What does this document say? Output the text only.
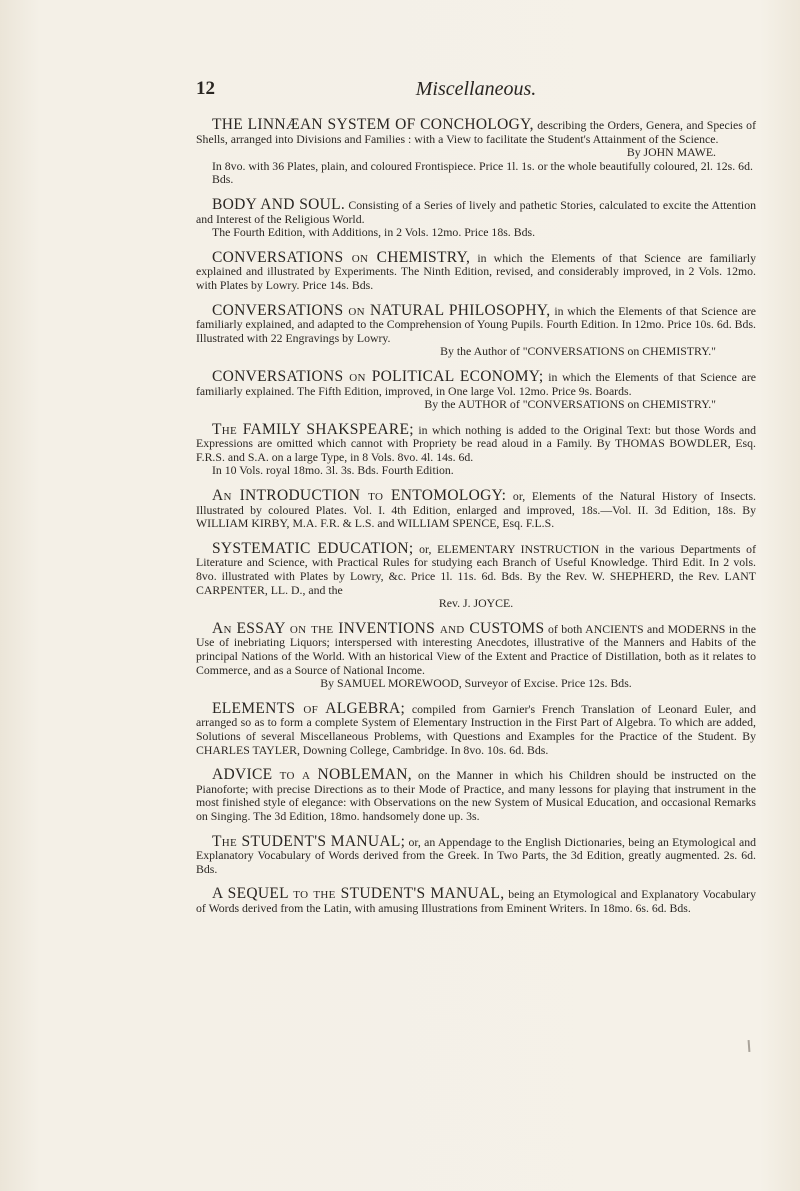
12	Miscellaneous.

THE LINNÆAN SYSTEM OF CONCHOLOGY, describing the Orders, Genera, and Species of Shells, arranged into Divisions and Families : with a View to facilitate the Student's Attainment of the Science.

By JOHN MAWE.

In 8vo. with 36 Plates, plain, and coloured Frontispiece. Price 1l. 1s. or the whole beautifully coloured, 2l. 12s. 6d. Bds.

BODY AND SOUL. Consisting of a Series of lively and pathetic Stories, calculated to excite the Attention and Interest of the Religious World.

The Fourth Edition, with Additions, in 2 Vols. 12mo. Price 18s. Bds.

CONVERSATIONS on CHEMISTRY, in which the Elements of that Science are familiarly explained and illustrated by Experiments. The Ninth Edition, revised, and considerably improved, in 2 Vols. 12mo. with Plates by Lowry. Price 14s. Bds.

CONVERSATIONS on NATURAL PHILOSOPHY, in which the Elements of that Science are familiarly explained, and adapted to the Comprehension of Young Pupils. Fourth Edition. In 12mo. Price 10s. 6d. Bds. Illustrated with 22 Engravings by Lowry.

By the Author of "CONVERSATIONS on CHEMISTRY."

CONVERSATIONS on POLITICAL ECONOMY; in which the Elements of that Science are familiarly explained. The Fifth Edition, improved, in One large Vol. 12mo. Price 9s. Boards.

By the AUTHOR of "CONVERSATIONS on CHEMISTRY."

The FAMILY SHAKSPEARE; in which nothing is added to the Original Text: but those Words and Expressions are omitted which cannot with Propriety be read aloud in a Family. By THOMAS BOWDLER, Esq. F.R.S. and S.A. on a large Type, in 8 Vols. 8vo. 4l. 14s. 6d.

In 10 Vols. royal 18mo. 3l. 3s. Bds. Fourth Edition.

An INTRODUCTION to ENTOMOLOGY: or, Elements of the Natural History of Insects. Illustrated by coloured Plates. Vol. I. 4th Edition, enlarged and improved, 18s.—Vol. II. 3d Edition, 18s. By WILLIAM KIRBY, M.A. F.R. & L.S. and WILLIAM SPENCE, Esq. F.L.S.

SYSTEMATIC EDUCATION; or, ELEMENTARY INSTRUCTION in the various Departments of Literature and Science, with Practical Rules for studying each Branch of Useful Knowledge. Third Edit. In 2 vols. 8vo. illustrated with Plates by Lowry, &c. Price 1l. 11s. 6d. Bds. By the Rev. W. SHEPHERD, the Rev. LANT CARPENTER, LL. D., and the

Rev. J. JOYCE.

An ESSAY on the INVENTIONS and CUSTOMS of both ANCIENTS and MODERNS in the Use of inebriating Liquors; interspersed with interesting Anecdotes, illustrative of the Manners and Habits of the principal Nations of the World. With an historical View of the Extent and Practice of Distillation, both as it relates to Commerce, and as a Source of National Income.

By SAMUEL MOREWOOD, Surveyor of Excise. Price 12s. Bds.

ELEMENTS of ALGEBRA; compiled from Garnier's French Translation of Leonard Euler, and arranged so as to form a complete System of Elementary Instruction in the First Part of Algebra. To which are added, Solutions of several Miscellaneous Problems, with Questions and Examples for the Practice of the Student. By CHARLES TAYLER, Downing College, Cambridge. In 8vo. 10s. 6d. Bds.

ADVICE to a NOBLEMAN, on the Manner in which his Children should be instructed on the Pianoforte; with precise Directions as to their Mode of Practice, and many lessons for playing that instrument in the most finished style of elegance: with Observations on the new System of Musical Education, and occasional Remarks on Singing. The 3d Edition, 18mo. handsomely done up. 3s.

The STUDENT'S MANUAL; or, an Appendage to the English Dictionaries, being an Etymological and Explanatory Vocabulary of Words derived from the Greek. In Two Parts, the 3d Edition, greatly augmented. 2s. 6d. Bds.

A SEQUEL to the STUDENT'S MANUAL, being an Etymological and Explanatory Vocabulary of Words derived from the Latin, with amusing Illustrations from Eminent Writers. In 18mo. 6s. 6d. Bds.
